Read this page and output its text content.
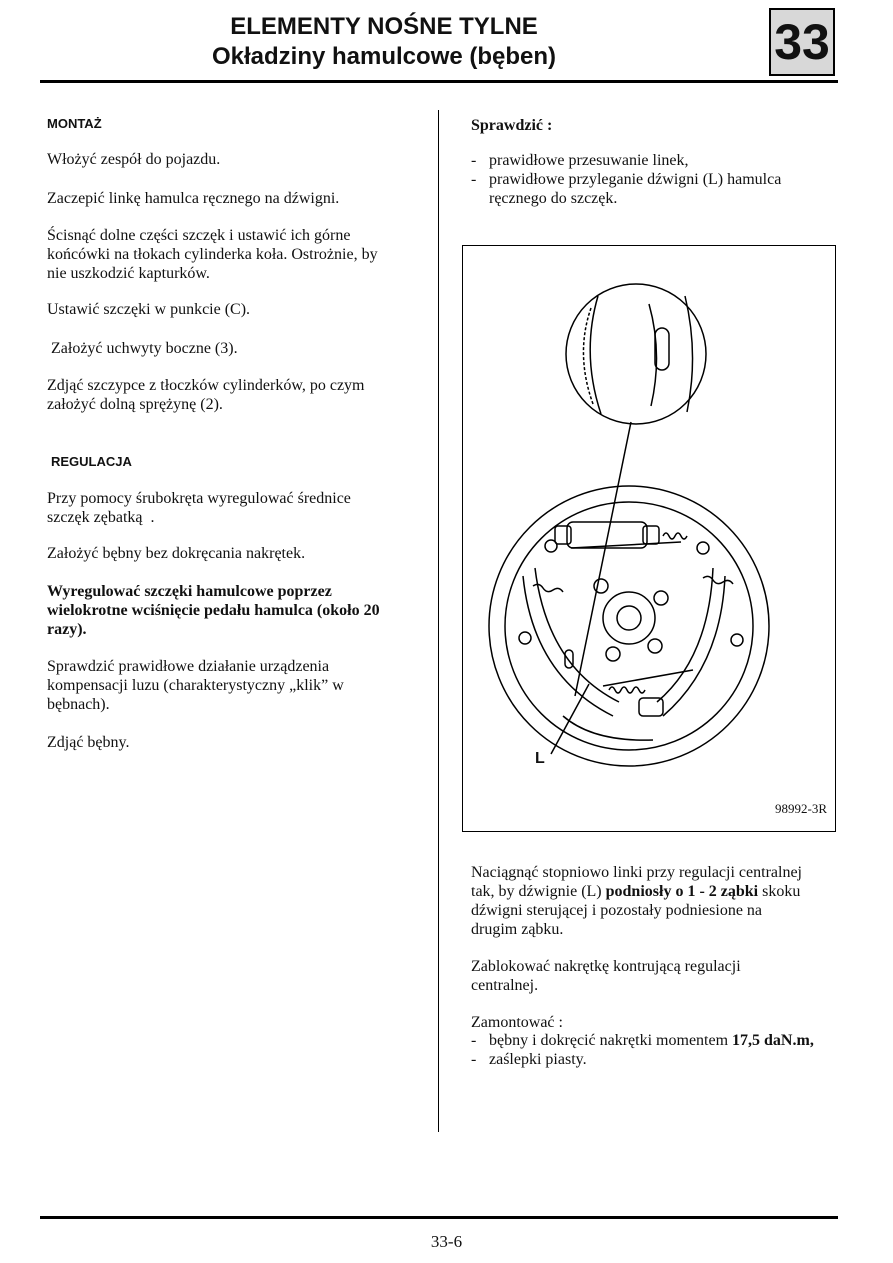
ELEMENTY NOŚNE TYLNE
Okładziny hamulcowe (bęben)	33
MONTAŻ
Włożyć zespół do pojazdu.
Zaczepić linkę hamulca ręcznego na dźwigni.
Ścisnąć dolne części szczęk i ustawić ich górne końcówki na tłokach cylinderka koła. Ostrożnie, by nie uszkodzić kapturków.
Ustawić szczęki w punkcie (C).
Założyć uchwyty boczne (3).
Zdjąć szczypce z tłoczków cylinderków, po czym założyć dolną sprężynę (2).
REGULACJA
Przy pomocy śrubokręta wyregulować średnice szczęk zębatką  .
Założyć bębny bez dokręcania nakrętek.
Wyregulować szczęki hamulcowe poprzez wielokrotne wciśnięcie pedału hamulca (około 20 razy).
Sprawdzić prawidłowe działanie urządzenia kompensacji luzu (charakterystyczny „klik” w bębnach).
Zdjąć bębny.
Sprawdzić :
- prawidłowe przesuwanie linek,
- prawidłowe przyleganie dźwigni (L) hamulca ręcznego do szczęk.
L
98992-3R
Naciągnąć stopniowo linki przy regulacji centralnej tak, by dźwignie (L) podniosły o 1 - 2 ząbki skoku dźwigni sterującej i pozostały podniesione na drugim ząbku.
Zablokować nakrętkę kontrującą regulacji centralnej.
Zamontować :
- bębny i dokręcić nakrętki momentem 17,5 daN.m,
- zaślepki piasty.
33-6
